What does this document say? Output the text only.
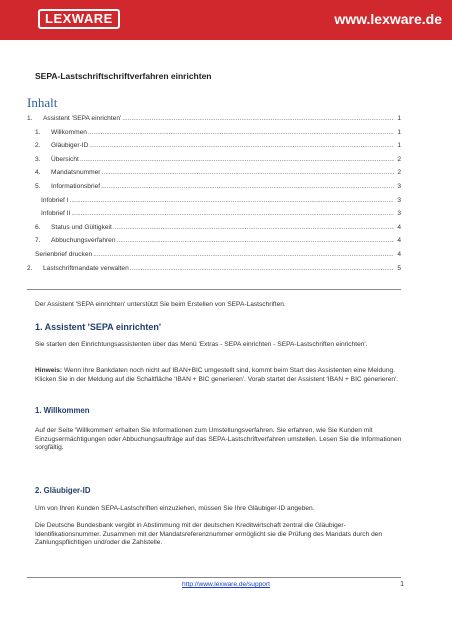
LEXWARE	www.lexware.de
SEPA-Lastschriftschriftverfahren einrichten
Inhalt
1.	Assistent 'SEPA einrichten' .....	1
1.	Willkommen .....	1
2.	Gläubiger-ID .....	1
3.	Übersicht .....	2
4.	Mandatsnummer .....	2
5.	Informationsbrief .....	3
Infobrief I .....	3
Infobrief II .....	3
6.	Status und Gültigkeit .....	4
7.	Abbuchungsverfahren .....	4
Serienbrief drucken .....	4
2.	Lastschriftmandate verwalten .....	5
Der Assistent 'SEPA einrichten' unterstützt Sie beim Erstellen von SEPA-Lastschriften.
1. Assistent 'SEPA einrichten'
Sie starten den Einrichtungsassistenten über das Menü 'Extras - SEPA einrichten - SEPA-Lastschriften einrichten'.
Hinweis: Wenn Ihre Bankdaten noch nicht auf IBAN+BIC umgestellt sind, kommt beim Start des Assistenten eine Meldung. Klicken Sie in der Meldung auf die Schaltfläche 'IBAN + BIC generieren'. Vorab startet der Assistent 'IBAN + BIC generieren'.
1. Willkommen
Auf der Seite 'Willkommen' erhalten Sie Informationen zum Umstellungsverfahren. Sie erfahren, wie Sie Kunden mit Einzugsermächtigungen oder Abbuchungsaufträge auf das SEPA-Lastschriftverfahren umstellen. Lesen Sie die Informationen sorgfältig.
2. Gläubiger-ID
Um von Ihren Kunden SEPA-Lastschriften einzuziehen, müssen Sie Ihre Gläubiger-ID angeben.
Die Deutsche Bundesbank vergibt in Abstimmung mit der deutschen Kreditwirtschaft zentral die Gläubiger-Identifikationsnummer. Zusammen mit der Mandatsreferenznummer ermöglicht sie die Prüfung des Mandats durch den Zahlungspflichtigen und/oder die Zahlstelle.
http://www.lexware.de/support	1
